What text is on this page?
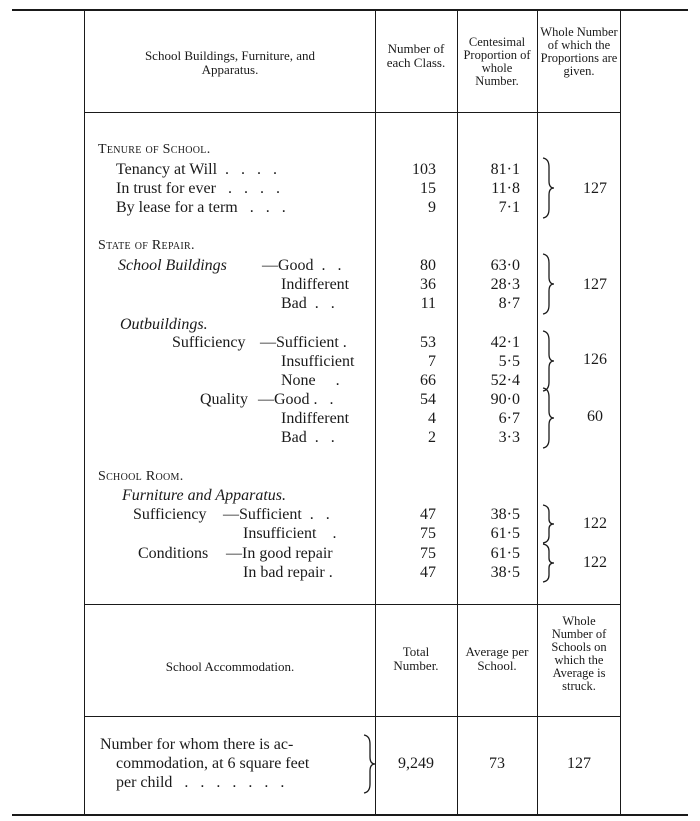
School Buildings, Furniture, and Apparatus.
Number of each Class.
Centesimal Proportion of whole Number.
Whole Number of which the Proportions are given.
Tenure of School.
Tenancy at Will  .   .   .   .
In trust for ever   .   .   .   .
By lease for a term   .   .   .
103
15
9
81·1
11·8
7·1
127
State of Repair.
School Buildings —Good  .   .
Indifferent
Bad  .   .
80
36
11
63·0
28·3
8·7
127
Outbuildings.
Sufficiency —Sufficient .
Insufficient
None     .
53
7
66
42·1
5·5
52·4
126
Quality —Good .   .
Indifferent
Bad  .   .
54
4
2
90·0
6·7
3·3
60
School Room.
Furniture and Apparatus.
Sufficiency —Sufficient  .   .
Insufficient    .
47
75
38·5
61·5
122
Conditions —In good repair
In bad repair .
75
47
61·5
38·5
122
School Accommodation.
Total Number.
Average per School.
Whole Number of Schools on which the Average is struck.
Number for whom there is ac-
commodation, at 6 square feet
per child   .   .   .   .   .   .   .
9,249	73	127
